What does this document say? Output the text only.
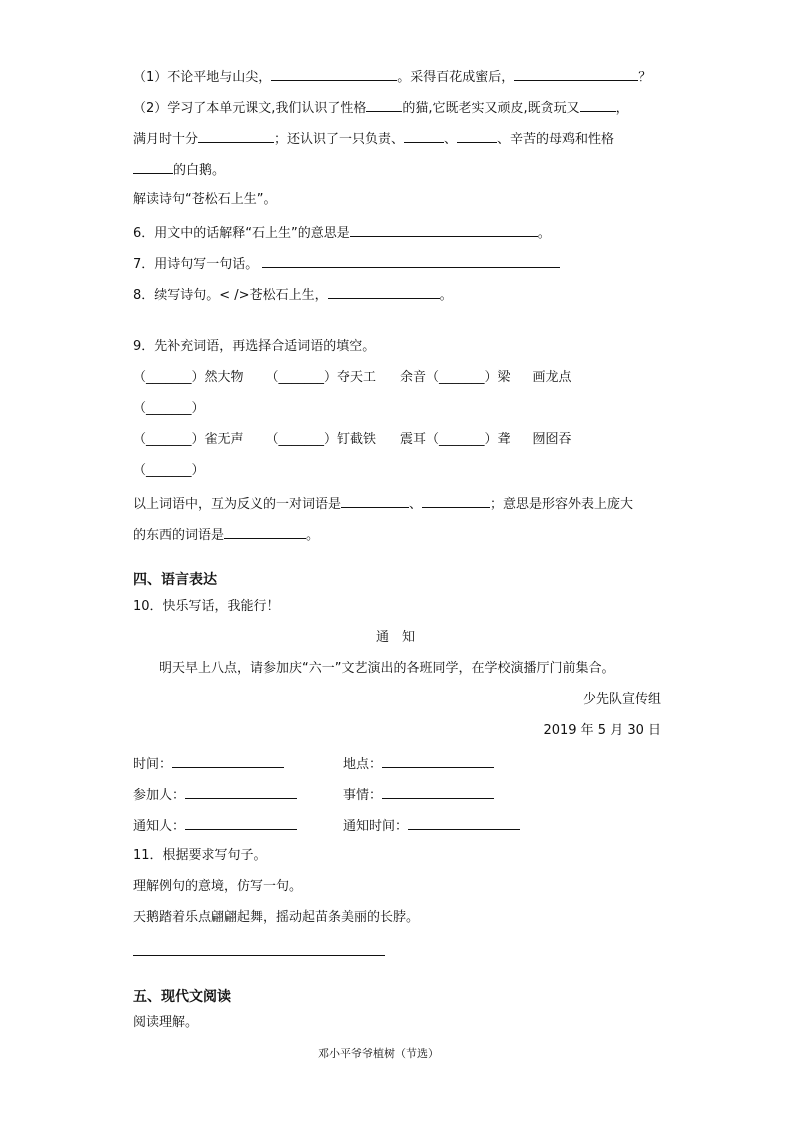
（1）不论平地与山尖，	。采得百花成蜜后，	？
（2）学习了本单元课文,我们认识了性格	的猫,它既老实又顽皮,既贪玩又	，
满月时十分	；还认识了一只负责、	、	、辛苦的母鸡和性格
的白鹅。
解读诗句“苍松石上生”。
6．用文中的话解释“石上生”的意思是	。
7．用诗句写一句话。
8．续写诗句。< />苍松石上生，	。
9．先补充词语，再选择合适词语的填空。
（_______）然大物 （_______）夺天工 余音（_______）梁 画龙点
（_______）
（_______）雀无声 （_______）钉截铁 震耳（_______）聋 囫囵吞
（_______）
以上词语中，互为反义的一对词语是	、	；意思是形容外表上庞大
的东西的词语是	。
四、语言表达
10．快乐写话，我能行！
通　知
明天早上八点，请参加庆“六一”文艺演出的各班同学，在学校演播厅门前集合。
少先队宣传组
2019 年 5 月 30 日
时间：	地点：
参加人：	事情：
通知人：	通知时间：
11．根据要求写句子。
理解例句的意境，仿写一句。
天鹅踏着乐点翩翩起舞，摇动起苗条美丽的长脖。
五、现代文阅读
阅读理解。
邓小平爷爷植树（节选）
